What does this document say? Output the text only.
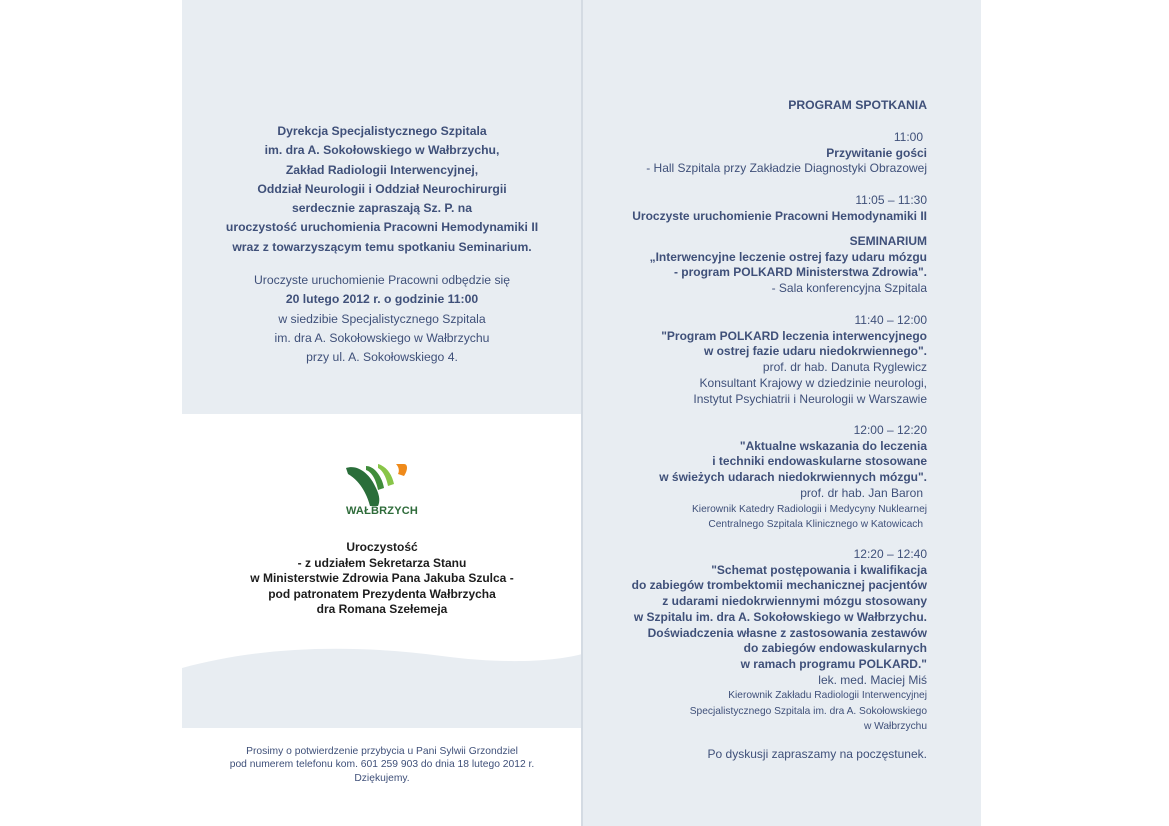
Dyrekcja Specjalistycznego Szpitala
im. dra A. Sokołowskiego w Wałbrzychu,
Zakład Radiologii Interwencyjnej,
Oddział Neurologii i Oddział Neurochirurgii
serdecznie zapraszają Sz. P. na
uroczystość uruchomienia Pracowni Hemodynamiki II
wraz z towarzyszącym temu spotkaniu Seminarium.
Uroczyste uruchomienie Pracowni odbędzie się
20 lutego 2012 r. o godzinie 11:00
w siedzibie Specjalistycznego Szpitala
im. dra A. Sokołowskiego w Wałbrzychu
przy ul. A. Sokołowskiego 4.
WAŁBRZYCH
Uroczystość
- z udziałem Sekretarza Stanu
w Ministerstwie Zdrowia Pana Jakuba Szulca -
pod patronatem Prezydenta Wałbrzycha
dra Romana Szełemeja
Prosimy o potwierdzenie przybycia u Pani Sylwii Grzondziel
pod numerem telefonu kom. 601 259 903 do dnia 18 lutego 2012 r.
Dziękujemy.
PROGRAM SPOTKANIA
11:00
Przywitanie gości
- Hall Szpitala przy Zakładzie Diagnostyki Obrazowej
11:05 – 11:30
Uroczyste uruchomienie Pracowni Hemodynamiki II
SEMINARIUM
„Interwencyjne leczenie ostrej fazy udaru mózgu
- program POLKARD Ministerstwa Zdrowia".
- Sala konferencyjna Szpitala
11:40 – 12:00
"Program POLKARD leczenia interwencyjnego
w ostrej fazie udaru niedokrwiennego".
prof. dr hab. Danuta Ryglewicz
Konsultant Krajowy w dziedzinie neurologi,
Instytut Psychiatrii i Neurologii w Warszawie
12:00 – 12:20
"Aktualne wskazania do leczenia
i techniki endowaskularne stosowane
w świeżych udarach niedokrwiennych mózgu".
prof. dr hab. Jan Baron
Kierownik Katedry Radiologii i Medycyny Nuklearnej
Centralnego Szpitala Klinicznego w Katowicach
12:20 – 12:40
"Schemat postępowania i kwalifikacja
do zabiegów trombektomii mechanicznej pacjentów
z udarami niedokrwiennymi mózgu stosowany
w Szpitalu im. dra A. Sokołowskiego w Wałbrzychu.
Doświadczenia własne z zastosowania zestawów
do zabiegów endowaskularnych
w ramach programu POLKARD."
lek. med. Maciej Miś
Kierownik Zakładu Radiologii Interwencyjnej
Specjalistycznego Szpitala im. dra A. Sokołowskiego
w Wałbrzychu
Po dyskusji zapraszamy na poczęstunek.
